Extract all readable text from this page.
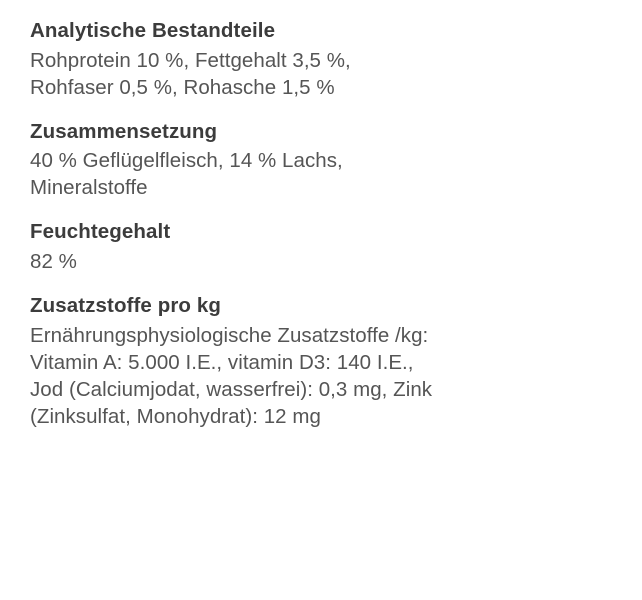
Analytische Bestandteile
Rohprotein 10 %, Fettgehalt 3,5 %,
Rohfaser 0,5 %, Rohasche 1,5 %
Zusammensetzung
40 % Geflügelfleisch, 14 % Lachs,
Mineralstoffe
Feuchtegehalt
82 %
Zusatzstoffe pro kg
Ernährungsphysiologische Zusatzstoffe /kg:
Vitamin A: 5.000 I.E., vitamin D3: 140 I.E.,
Jod (Calciumjodat, wasserfrei): 0,3 mg, Zink
(Zinksulfat, Monohydrat): 12 mg
